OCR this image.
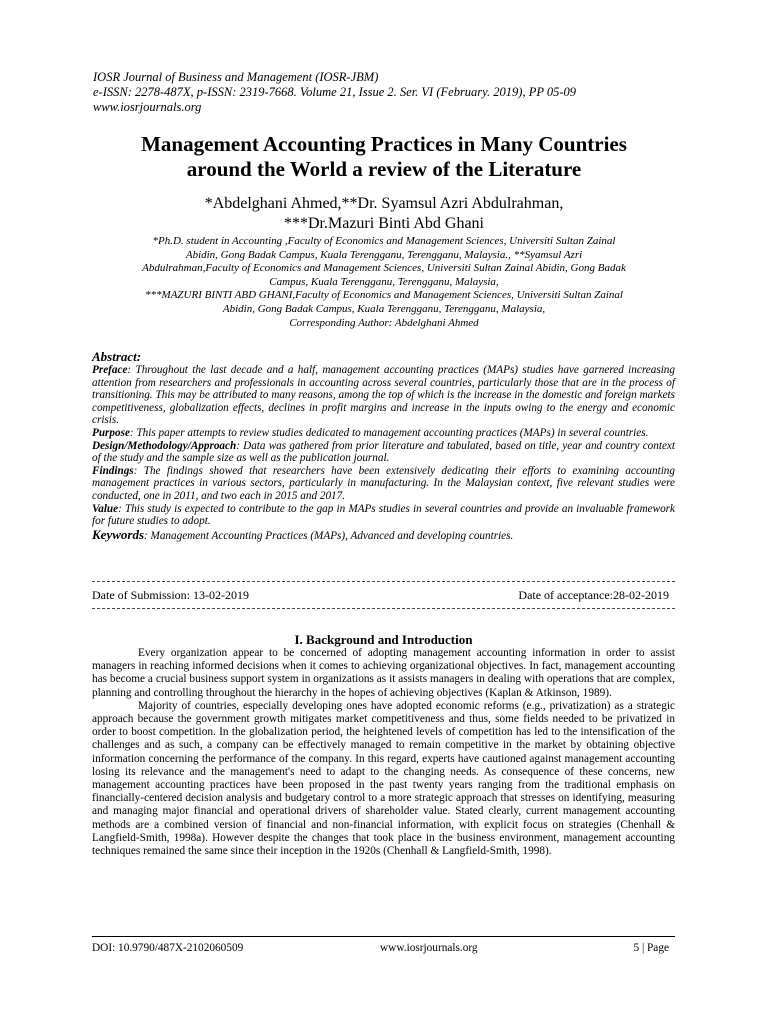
IOSR Journal of Business and Management (IOSR-JBM)
e-ISSN: 2278-487X, p-ISSN: 2319-7668. Volume 21, Issue 2. Ser. VI (February. 2019), PP 05-09
www.iosrjournals.org
Management Accounting Practices in Many Countries
around the World a review of the Literature
*Abdelghani Ahmed,**Dr. Syamsul Azri Abdulrahman,
***Dr.Mazuri Binti Abd Ghani
*Ph.D. student in Accounting ,Faculty of Economics and Management Sciences, Universiti Sultan Zainal
Abidin, Gong Badak Campus, Kuala Terengganu, Terengganu, Malaysia., **Syamsul Azri
Abdulrahman,Faculty of Economics and Management Sciences, Universiti Sultan Zainal Abidin, Gong Badak
Campus, Kuala Terengganu, Terengganu, Malaysia,
***MAZURI BINTI ABD GHANI,Faculty of Economics and Management Sciences, Universiti Sultan Zainal
Abidin, Gong Badak Campus, Kuala Terengganu, Terengganu, Malaysia,
Corresponding Author: Abdelghani Ahmed
Abstract:

Preface: Throughout the last decade and a half, management accounting practices (MAPs) studies have garnered increasing attention from researchers and professionals in accounting across several countries, particularly those that are in the process of transitioning. This may be attributed to many reasons, among the top of which is the increase in the domestic and foreign markets competitiveness, globalization effects, declines in profit margins and increase in the inputs owing to the energy and economic crisis.

Purpose: This paper attempts to review studies dedicated to management accounting practices (MAPs) in several countries.

Design/Methodology/Approach: Data was gathered from prior literature and tabulated, based on title, year and country context of the study and the sample size as well as the publication journal.

Findings: The findings showed that researchers have been extensively dedicating their efforts to examining accounting management practices in various sectors, particularly in manufacturing. In the Malaysian context, five relevant studies were conducted, one in 2011, and two each in 2015 and 2017.

Value: This study is expected to contribute to the gap in MAPs studies in several countries and provide an invaluable framework for future studies to adopt.

Keywords: Management Accounting Practices (MAPs), Advanced and developing countries.

Date of Submission: 13-02-2019	Date of acceptance:28-02-2019
I. Background and Introduction

Every organization appear to be concerned of adopting management accounting information in order to assist managers in reaching informed decisions when it comes to achieving organizational objectives. In fact, management accounting has become a crucial business support system in organizations as it assists managers in dealing with operations that are complex, planning and controlling throughout the hierarchy in the hopes of achieving objectives (Kaplan & Atkinson, 1989).

Majority of countries, especially developing ones have adopted economic reforms (e.g., privatization) as a strategic approach because the government growth mitigates market competitiveness and thus, some fields needed to be privatized in order to boost competition. In the globalization period, the heightened levels of competition has led to the intensification of the challenges and as such, a company can be effectively managed to remain competitive in the market by obtaining objective information concerning the performance of the company. In this regard, experts have cautioned against management accounting losing its relevance and the management's need to adapt to the changing needs. As consequence of these concerns, new management accounting practices have been proposed in the past twenty years ranging from the traditional emphasis on financially-centered decision analysis and budgetary control to a more strategic approach that stresses on identifying, measuring and managing major financial and operational drivers of shareholder value. Stated clearly, current management accounting methods are a combined version of financial and non-financial information, with explicit focus on strategies (Chenhall & Langfield-Smith, 1998a). However despite the changes that took place in the business environment, management accounting techniques remained the same since their inception in the 1920s (Chenhall & Langfield-Smith, 1998).

DOI: 10.9790/487X-2102060509	www.iosrjournals.org	5 | Page
